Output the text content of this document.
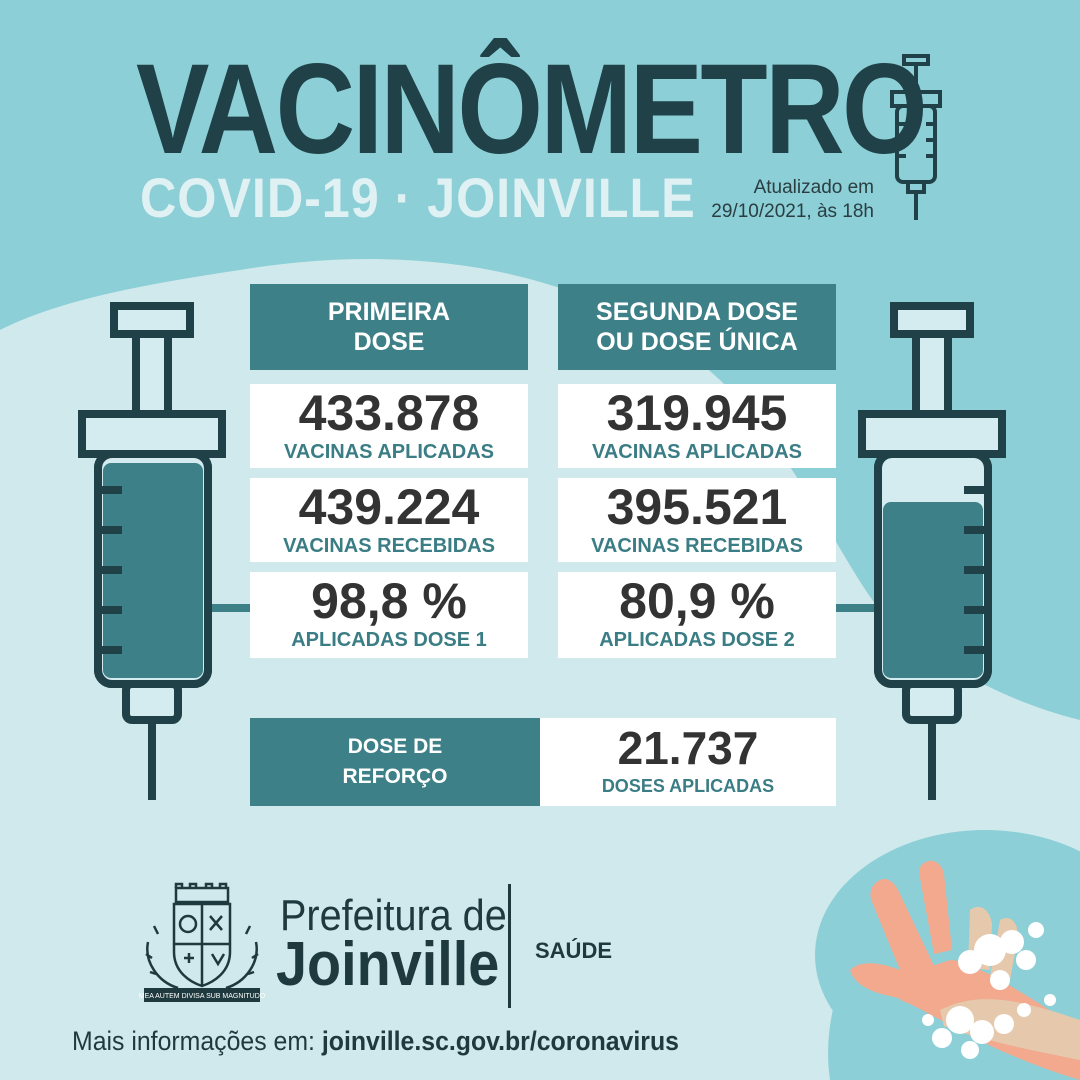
VACINÔMETRO
COVID-19 · JOINVILLE	Atualizado em
29/10/2021, às 18h
PRIMEIRA
DOSE
SEGUNDA DOSE
OU DOSE ÚNICA
433.878
VACINAS APLICADAS
439.224
VACINAS RECEBIDAS
98,8 %
APLICADAS DOSE 1
319.945
VACINAS APLICADAS
395.521
VACINAS RECEBIDAS
80,9 %
APLICADAS DOSE 2
DOSE DE
REFORÇO
21.737
DOSES APLICADAS
MEA AUTEM DIVISA SUB MAGNITUDO
Prefeitura de
Joinville SAÚDE
Mais informações em: joinville.sc.gov.br/coronavirus
